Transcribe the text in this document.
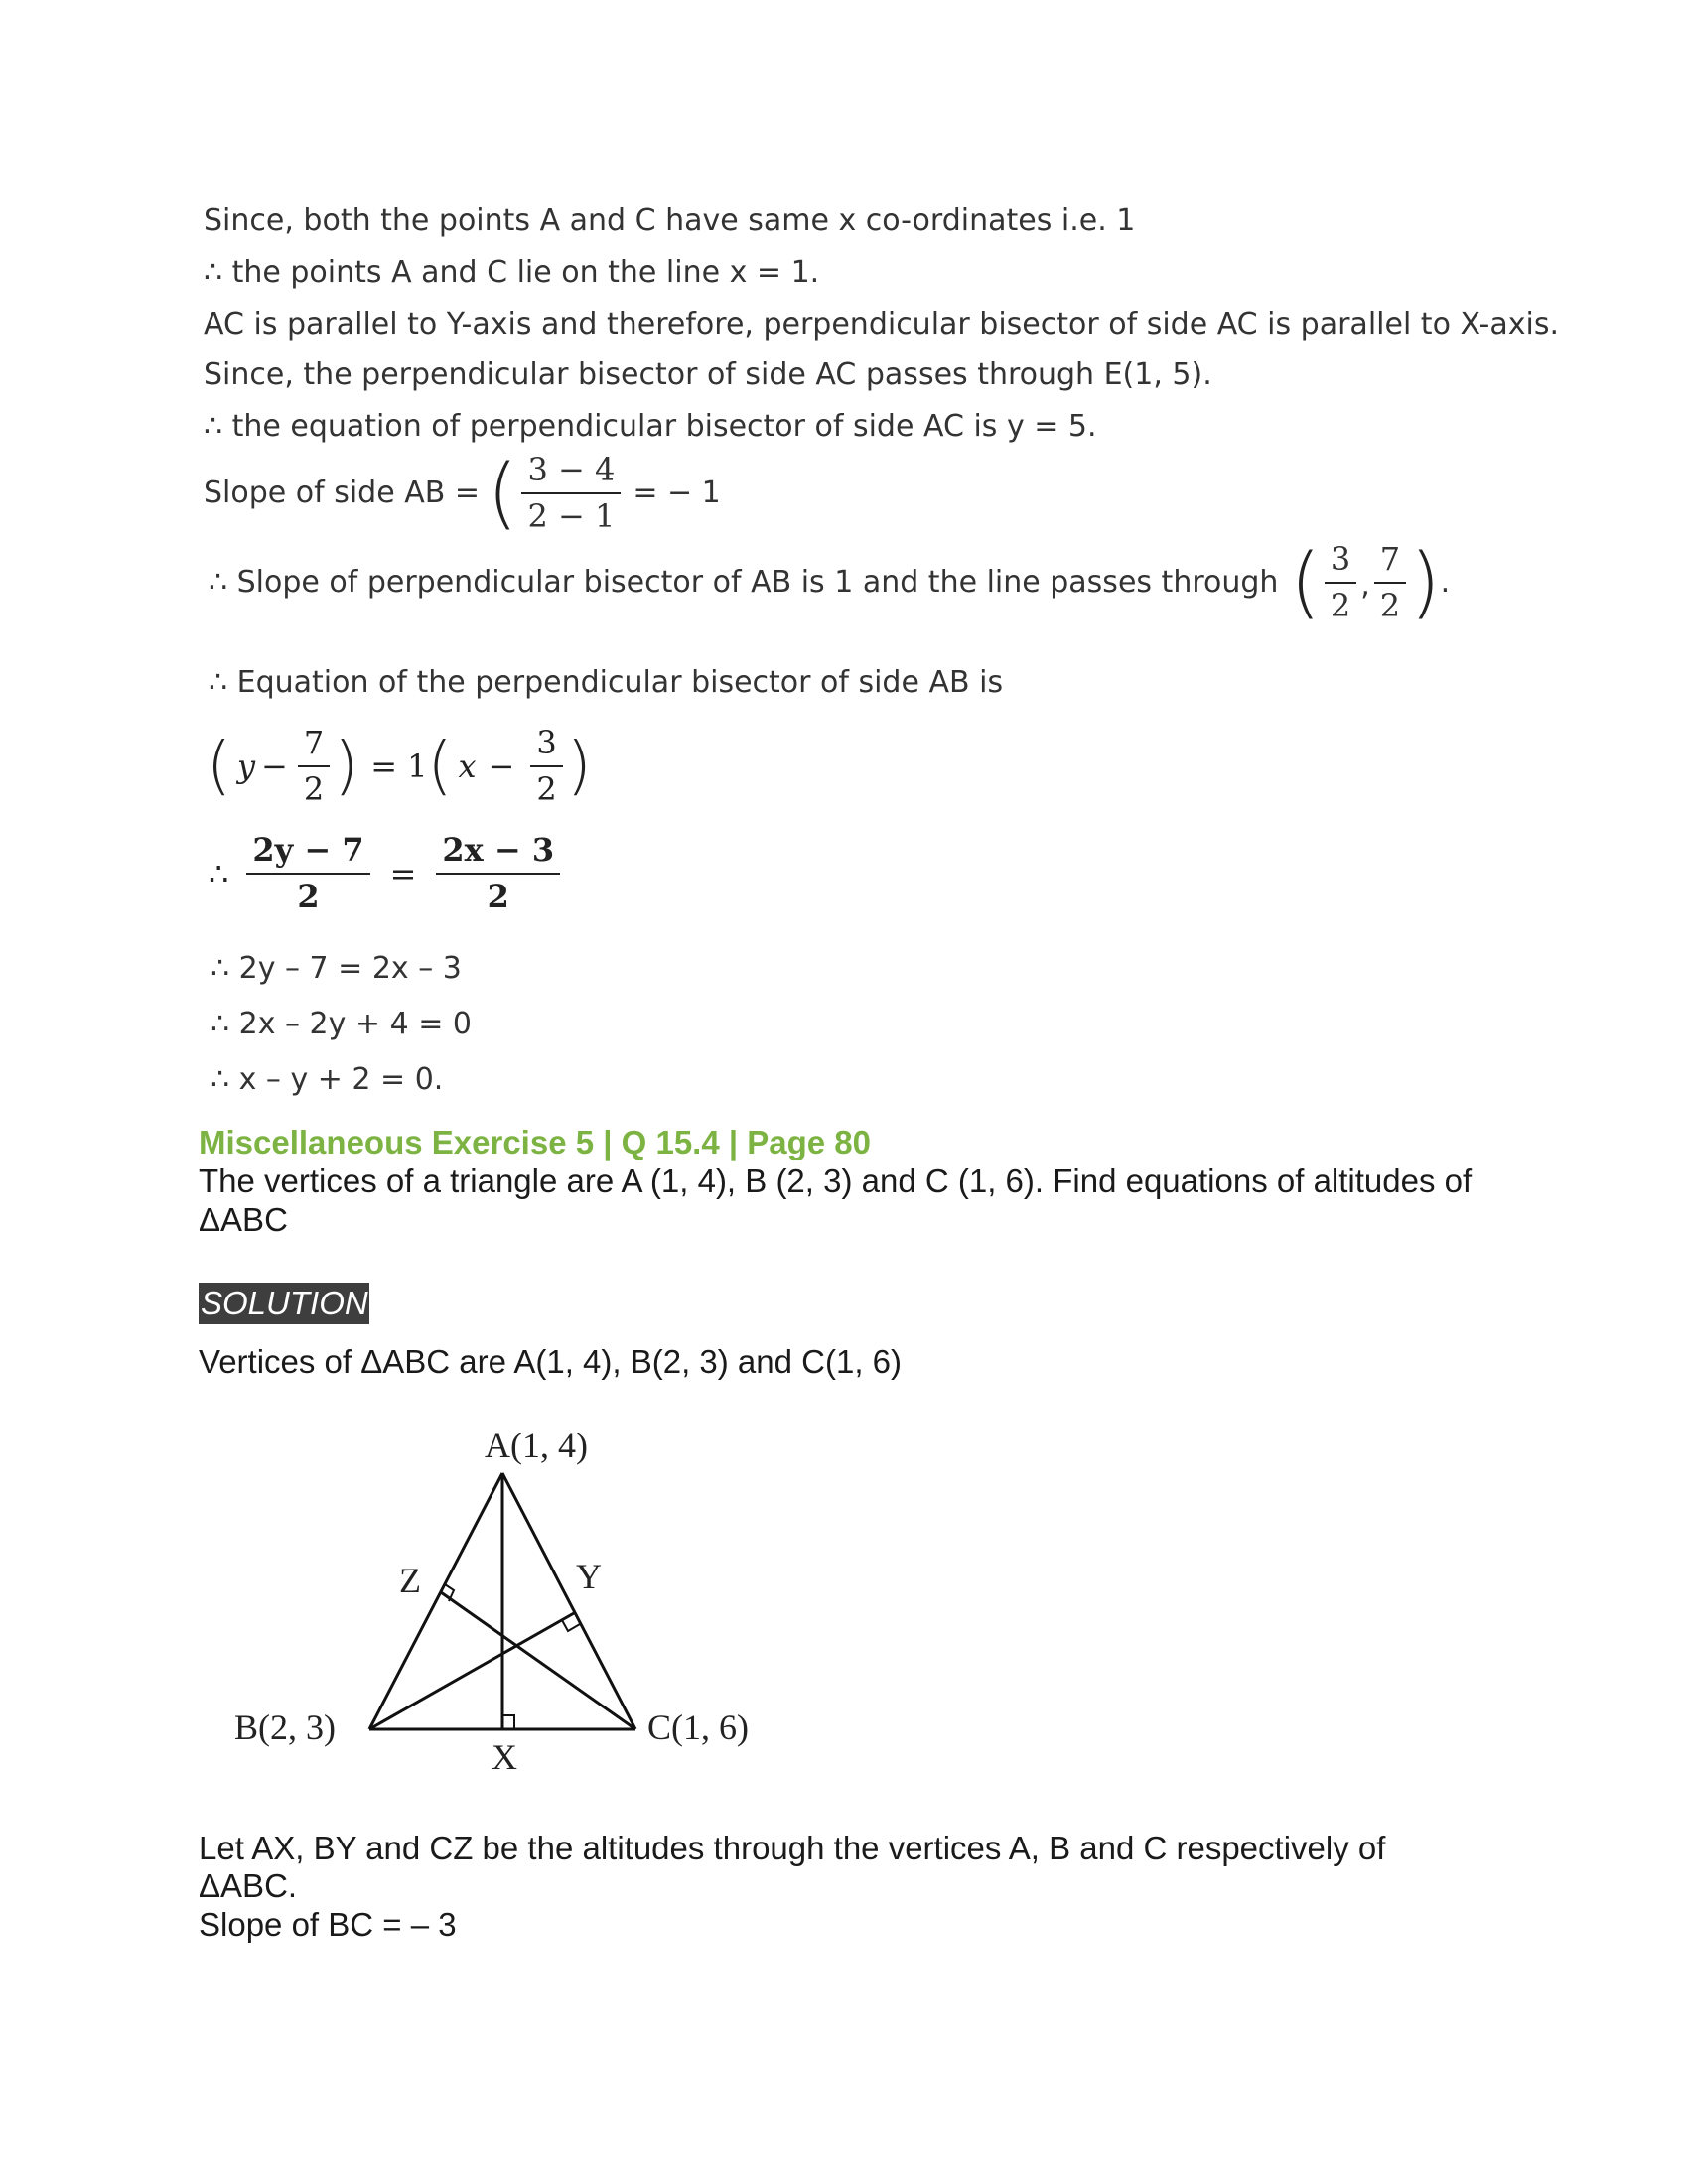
Since, both the points A and C have same x co-ordinates i.e. 1
∴ the points A and C lie on the line x = 1.
AC is parallel to Y-axis and therefore, perpendicular bisector of side AC is parallel to X-axis.
Since, the perpendicular bisector of side AC passes through E(1, 5).
∴ the equation of perpendicular bisector of side AC is y = 5.
Slope of side AB = ( $\frac{3 - 4}{2 - 1}$ = − 1
∴ Slope of perpendicular bisector of AB is 1 and the line passes through ( $\frac{3}{2}$ , $\frac{7}{2}$ ) .
∴ Equation of the perpendicular bisector of side AB is
( $y - \frac{7}{2}$ ) = 1 ( $x - \frac{3}{2}$ )
∴ $\frac{2y - 7}{2} = \frac{2x - 3}{2}$
∴ 2y – 7 = 2x – 3
∴ 2x – 2y + 4 = 0
∴ x – y + 2 = 0.
Miscellaneous Exercise 5 | Q 15.4 | Page 80
The vertices of a triangle are A (1, 4), B (2, 3) and C (1, 6). Find equations of altitudes of
ΔABC
SOLUTION
Vertices of ΔABC are A(1, 4), B(2, 3) and C(1, 6)
A(1, 4)
B(2, 3)	C(1, 6)
X
Y
Z
Let AX, BY and CZ be the altitudes through the vertices A, B and C respectively of
ΔABC.
Slope of BC = – 3
